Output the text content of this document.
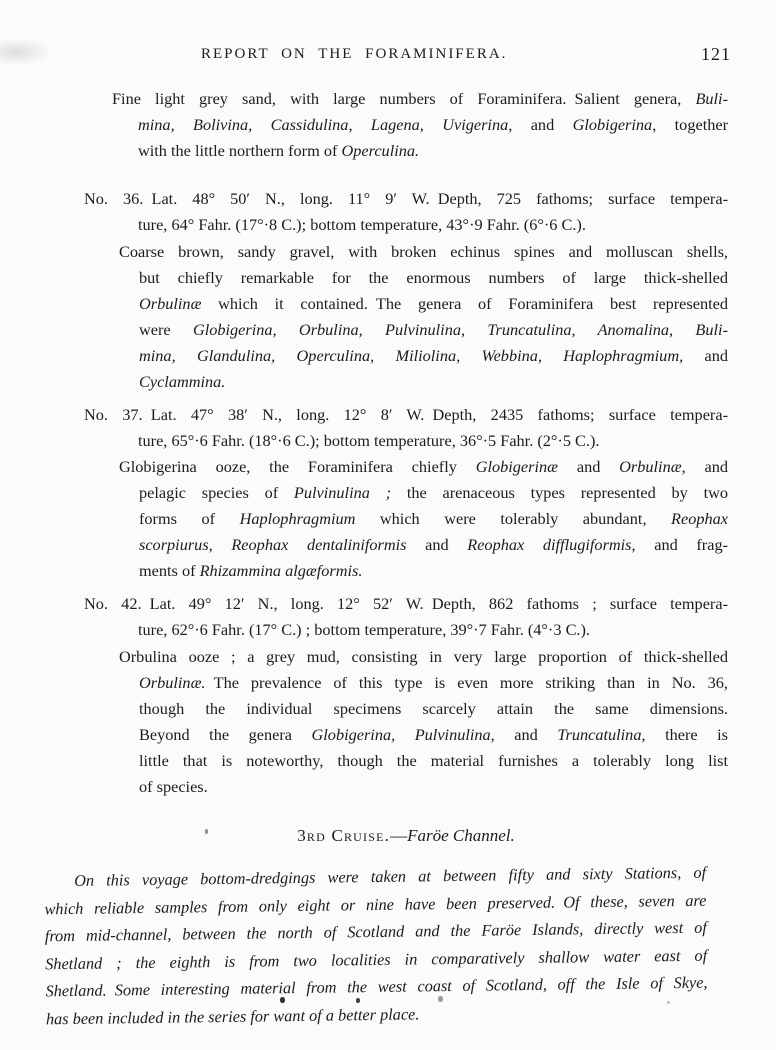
REPORT ON THE FORAMINIFERA.	121
Fine light grey sand, with large numbers of Foraminifera. Salient genera, Buli-
mina, Bolivina, Cassidulina, Lagena, Uvigerina, and Globigerina, together
with the little northern form of Operculina.
No. 36. Lat. 48° 50′ N., long. 11° 9′ W. Depth, 725 fathoms; surface tempera-
ture, 64° Fahr. (17°·8 C.); bottom temperature, 43°·9 Fahr. (6°·6 C.).
Coarse brown, sandy gravel, with broken echinus spines and molluscan shells,
but chiefly remarkable for the enormous numbers of large thick-shelled
Orbulinæ which it contained. The genera of Foraminifera best represented
were Globigerina, Orbulina, Pulvinulina, Truncatulina, Anomalina, Buli-
mina, Glandulina, Operculina, Miliolina, Webbina, Haplophragmium, and
Cyclammina.
No. 37. Lat. 47° 38′ N., long. 12° 8′ W. Depth, 2435 fathoms; surface tempera-
ture, 65°·6 Fahr. (18°·6 C.); bottom temperature, 36°·5 Fahr. (2°·5 C.).
Globigerina ooze, the Foraminifera chiefly Globigerinæ and Orbulinæ, and
pelagic species of Pulvinulina ; the arenaceous types represented by two
forms of Haplophragmium which were tolerably abundant, Reophax
scorpiurus, Reophax dentaliniformis and Reophax difflugiformis, and frag-
ments of Rhizammina algæformis.
No. 42. Lat. 49° 12′ N., long. 12° 52′ W. Depth, 862 fathoms ; surface tempera-
ture, 62°·6 Fahr. (17° C.) ; bottom temperature, 39°·7 Fahr. (4°·3 C.).
Orbulina ooze ; a grey mud, consisting in very large proportion of thick-shelled
Orbulinæ. The prevalence of this type is even more striking than in No. 36,
though the individual specimens scarcely attain the same dimensions.
Beyond the genera Globigerina, Pulvinulina, and Truncatulina, there is
little that is noteworthy, though the material furnishes a tolerably long list
of species.
3rd Cruise.—Faröe Channel.
On this voyage bottom-dredgings were taken at between fifty and sixty Stations, of
which reliable samples from only eight or nine have been preserved. Of these, seven are
from mid-channel, between the north of Scotland and the Faröe Islands, directly west of
Shetland ; the eighth is from two localities in comparatively shallow water east of
Shetland. Some interesting material from the west coast of Scotland, off the Isle of Skye,
has been included in the series for want of a better place.
